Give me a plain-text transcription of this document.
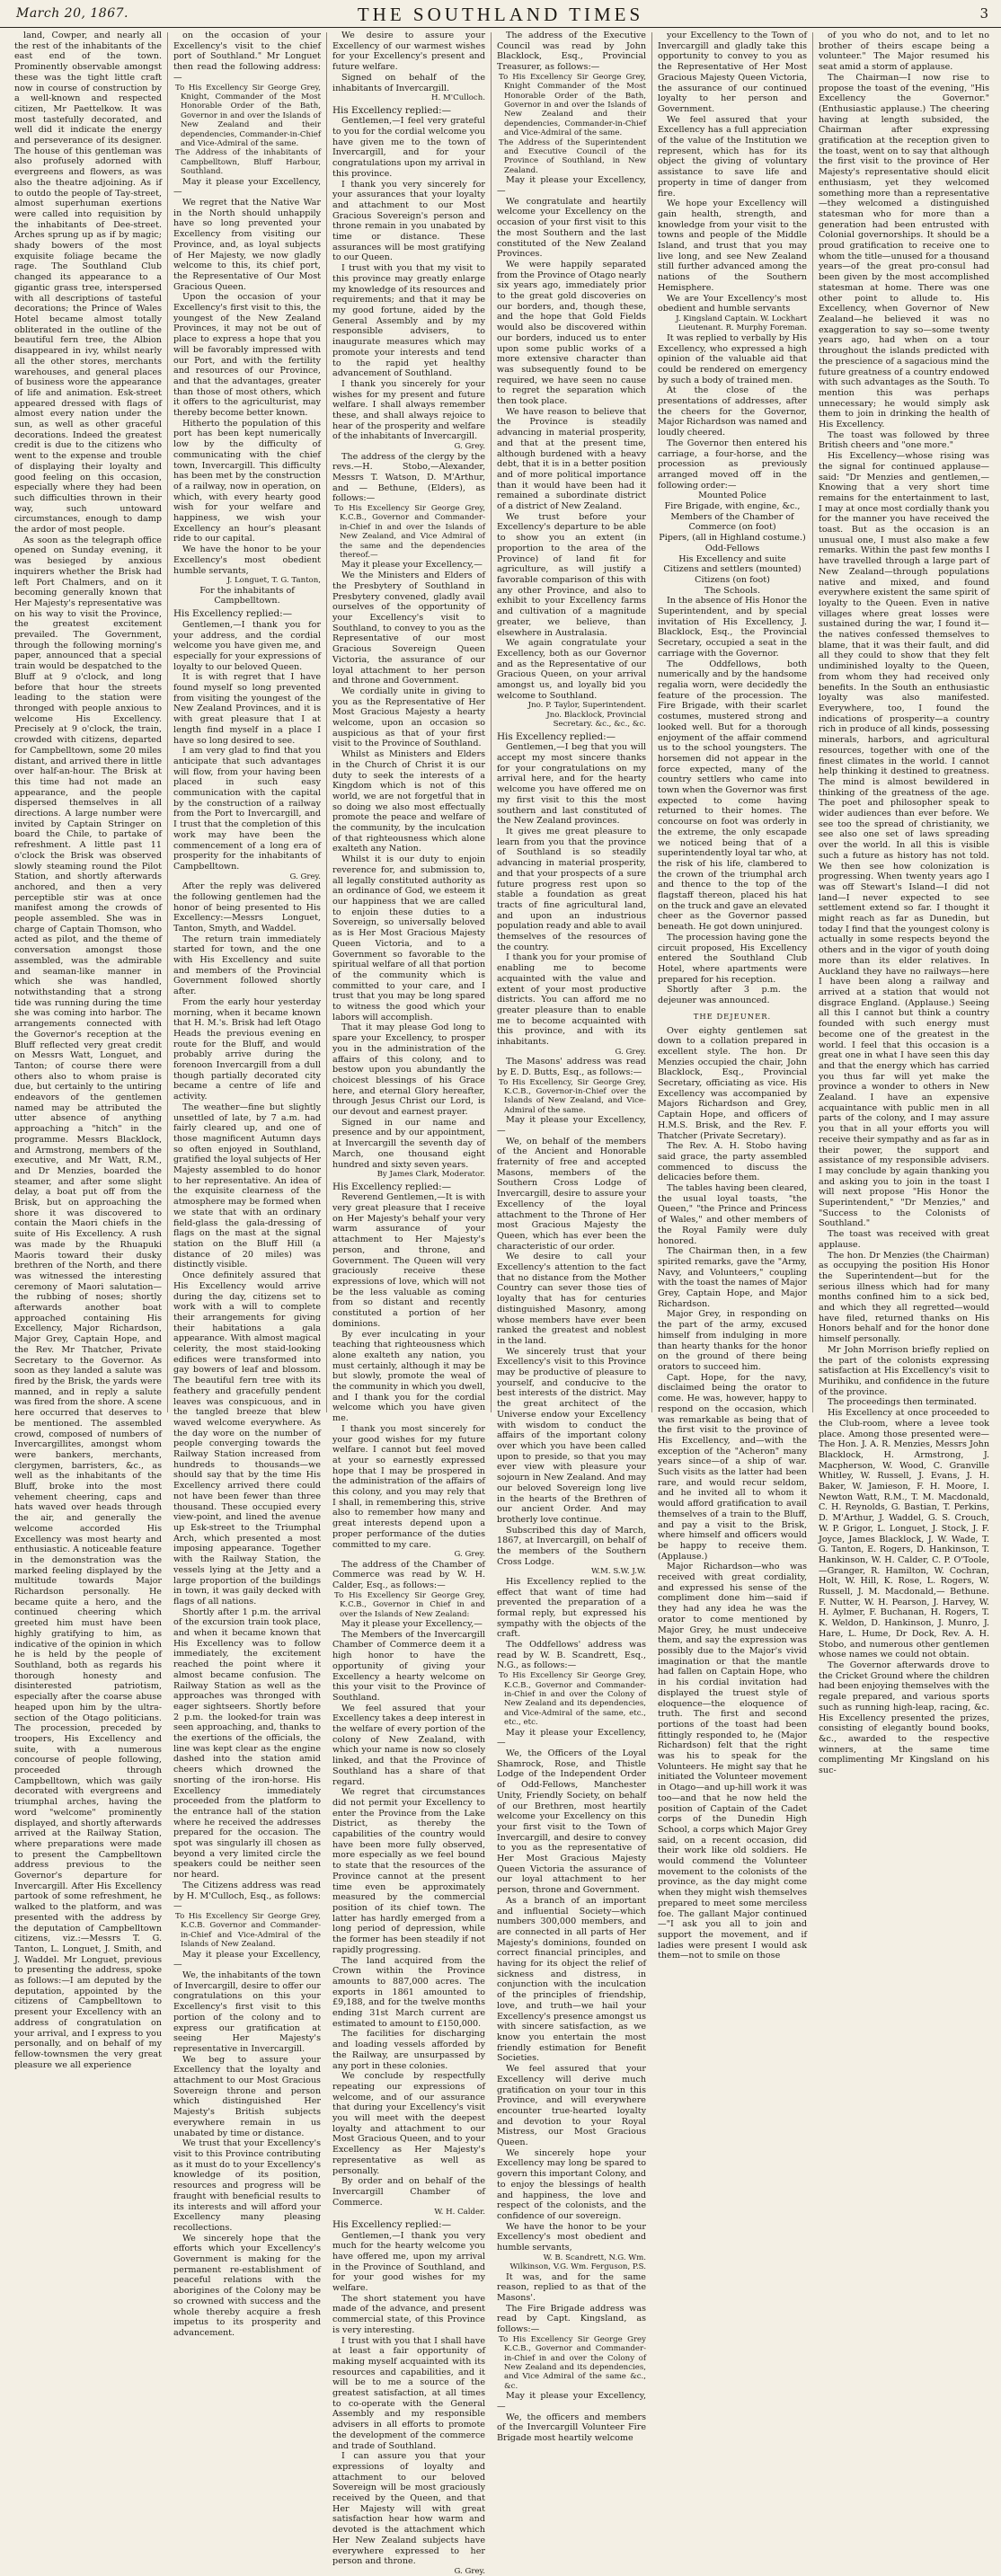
March 20, 1867.	THE SOUTHLAND TIMES	3

land, Cowper, and nearly all the rest of the inhabitants of the east end of the town. Prominently observable amongst these was the tight little craft now in course of construction by a well-known and respected citizen, Mr Paettelkow. It was most tastefully decorated, and well did it indicate the energy and perseverance of its designer. The house of this gentleman was also profusely adorned with evergreens and flowers, as was also the theatre adjoining. As if to outdo the people of Tay-street, almost superhuman exertions were called into requisition by the inhabitants of Dee-street. Arches sprung up as if by magic; shady bowers of the most exquisite foliage became the rage. The Southland Club changed its appearance to a gigantic grass tree, interspersed with all descriptions of tasteful decorations; the Prince of Wales Hotel became almost totally obliterated in the outline of the beautiful fern tree, the Albion disappeared in ivy, whilst nearly all the other stores, merchants warehouses, and general places of business wore the appearance of life and animation. Esk-street appeared dressed with flags of almost every nation under the sun, as well as other graceful decorations. Indeed the greatest credit is due to the citizens who went to the expense and trouble of displaying their loyalty and good feeling on this occasion, especially where they had been such difficulties thrown in their way, such untoward circumstances, enough to damp the ardor of most people.

As soon as the telegraph office opened on Sunday evening, it was besieged by anxious inquirers whether the Brisk had left Port Chalmers, and on it becoming generally known that Her Majesty's representative was on his way to visit the Province, the greatest excitement prevailed. The Government, through the following morning's paper, announced that a special train would be despatched to the Bluff at 9 o'clock, and long before that hour the streets leading to the station were thronged with people anxious to welcome His Excellency. Precisely at 9 o'clock, the train, crowded with citizens, departed for Campbelltown, some 20 miles distant, and arrived there in little over half-an-hour. The Brisk at this time had not made an appearance, and the people dispersed themselves in all directions. A large number were invited by Captain Stringer on board the Chile, to partake of refreshment. A little past 11 o'clock the Brisk was observed slowly steaming round the Pilot Station, and shortly afterwards anchored, and then a very perceptible stir was at once manifest among the crowds of people assembled. She was in charge of Captain Thomson, who acted as pilot, and the theme of conversation amongst those assembled, was the admirable and seaman-like manner in which she was handled, notwithstanding that a strong tide was running during the time she was coming into harbor. The arrangements connected with the Governor's reception at the Bluff reflected very great credit on Messrs Watt, Longuet, and Tanton; of course there were others also to whom praise is due, but certainly to the untiring endeavors of the gentlemen named may be attributed the utter absence of anything approaching a "hitch" in the programme. Messrs Blacklock, and Armstrong, members of the executive, and Mr Watt, R.M., and Dr Menzies, boarded the steamer, and after some slight delay, a boat put off from the Brisk, but on approaching the shore it was discovered to contain the Maori chiefs in the suite of His Excellency. A rush was made by the Rhuapuki Maoris toward their dusky brethren of the North, and there was witnessed the interesting ceremony of Maori salutation—the rubbing of noses; shortly afterwards another boat approached containing His Excellency, Major Richardson, Major Grey, Captain Hope, and the Rev. Mr Thatcher, Private Secretary to the Governor. As soon as they landed a salute was fired by the Brisk, the yards were manned, and in reply a salute was fired from the shore. A scene here occurred that deserves to be mentioned. The assembled crowd, composed of numbers of Invercargillites, amongst whom were bankers, merchants, clergymen, barristers, &c., as well as the inhabitants of the Bluff, broke into the most vehement cheering, caps and hats waved over heads through the air, and generally the welcome accorded His Excellency was most hearty and enthusiastic. A noticeable feature in the demonstration was the marked feeling displayed by the multitude towards Major Richardson personally. He became quite a hero, and the continued cheering which greeted him must have been highly gratifying to him, as indicative of the opinion in which he is held by the people of Southland, both as regards his thorough honesty and disinterested patriotism, especially after the coarse abuse heaped upon him by the ultra-section of the Otago politicians. The procession, preceded by troopers, His Excellency and suite, with a numerous concourse of people following, proceeded through Campbelltown, which was gaily decorated with evergreens and triumphal arches, having the word "welcome" prominently displayed, and shortly afterwards arrived at the Railway Station, where preparations were made to present the Campbelltown address previous to the Governor's departure for Invercargill. After His Excellency partook of some refreshment, he walked to the platform, and was presented with the address by the deputation of Campbelltown citizens, viz.:—Messrs T. G. Tanton, L. Longuet, J. Smith, and J. Waddel. Mr Longuet, previous to presenting the address, spoke as follows:—I am deputed by the deputation, appointed by the citizens of Campbelltown to present your Excellency with an address of congratulation on your arrival, and I express to you personally, and on behalf of my fellow-townsmen the very great pleasure we all experience

on the occasion of your Excellency's visit to the chief port of Southland." Mr Longuet then read the following address:—

To His Excellency Sir George Grey, Knight, Commander of the Most Honorable Order of the Bath, Governor in and over the Islands of New Zealand and their dependencies, Commander-in-Chief and Vice-Admiral of the same.

The Address of the inhabitants of Campbelltown, Bluff Harbour, Southland.

May it please your Excellency,—

We regret that the Native War in the North should unhappily have so long prevented your Excellency from visiting our Province, and, as loyal subjects of Her Majesty, we now gladly welcome to this, its chief port, the Representative of Our Most Gracious Queen.

Upon the occasion of your Excellency's first visit to this, the youngest of the New Zealand Provinces, it may not be out of place to express a hope that you will be favorably impressed with our Port, and with the fertility and resources of our Province, and that the advantages, greater than those of most others, which it offers to the agriculturist, may thereby become better known.

Hitherto the population of this port has been kept numerically low by the difficulty of communicating with the chief town, Invercargill. This difficulty has been met by the construction of a railway, now in operation, on which, with every hearty good wish for your welfare and happiness, we wish your Excellency an hour's pleasant ride to our capital.

We have the honor to be your Excellency's most obedient humble servants,

J. Longuet, T. G. Tanton,

For the inhabitants of Campbelltown.

His Excellency replied:—

Gentlemen,—I thank you for your address, and the cordial welcome you have given me, and especially for your expressions of loyalty to our beloved Queen.

It is with regret that I have found myself so long prevented from visiting the youngest of the New Zealand Provinces, and it is with great pleasure that I at length find myself in a place I have so long desired to see.

I am very glad to find that you anticipate that such advantages will flow, from your having been placed in such easy communication with the capital by the construction of a railway from the Port to Invercargill, and I trust that the completion of this work may have been the commencement of a long era of prosperity for the inhabitants of Campbelltown.

G. Grey.

After the reply was delivered the following gentlemen had the honor of being presented to His Excellency:—Messrs Longuet, Tanton, Smyth, and Waddel.

The return train immediately started for town, and the one with His Excellency and suite and members of the Provincial Government followed shortly after.

From the early hour yesterday morning, when it became known that H. M.'s. Brisk had left Otago Heads the previous evening en route for the Bluff, and would probably arrive during the forenoon Invercargill from a dull though partially decorated city became a centre of life and activity.

The weather—fine but slightly unsettled of late, by 7 a.m. had fairly cleared up, and one of those magnificent Autumn days so often enjoyed in Southland, gratified the loyal subjects of Her Majesty assembled to do honor to her representative. An idea of the exquisite clearness of the atmosphere may be formed when we state that with an ordinary field-glass the gala-dressing of flags on the mast at the signal station on the Bluff Hill (a distance of 20 miles) was distinctly visible.

Once definitely assured that His Excellency would arrive during the day, citizens set to work with a will to complete their arrangements for giving their habitations a gala appearance. With almost magical celerity, the most staid-looking edifices were transformed into gay bowers of leaf and blossom. The beautiful fern tree with its feathery and gracefully pendent leaves was conspicuous, and in the tangled breeze that blew waved welcome everywhere. As the day wore on the number of people converging towards the Railway Station increased from hundreds to thousands—we should say that by the time His Excellency arrived there could not have been fewer than three thousand. These occupied every view-point, and lined the avenue up Esk-street to the Triumphal Arch, which presented a most imposing appearance. Together with the Railway Station, the vessels lying at the Jetty and a large proportion of the buildings in town, it was gaily decked with flags of all nations.

Shortly after 1 p.m. the arrival of the excursion train took place, and when it became known that His Excellency was to follow immediately, the excitement reached the point where it almost became confusion. The Railway Station as well as the approaches was thronged with eager sightseers. Shortly before 2 p.m. the looked-for train was seen approaching, and, thanks to the exertions of the officials, the line was kept clear as the engine dashed into the station amid cheers which drowned the snorting of the iron-horse. His Excellency immediately proceeded from the platform to the entrance hall of the station where he received the addresses prepared for the occasion. The spot was singularly ill chosen as beyond a very limited circle the speakers could be neither seen nor heard.

The Citizens address was read by H. M'Culloch, Esq., as follows:—

To His Excellency Sir George Grey, K.C.B. Governor and Commander-in-Chief and Vice-Admiral of the Islands of New Zealand.

May it please your Excellency,—

We, the inhabitants of the town of Invercargill, desire to offer our congratulations on this your Excellency's first visit to this portion of the colony and to express our gratification at seeing Her Majesty's representative in Invercargill.

We beg to assure your Excellency that the loyalty and attachment to our Most Gracious Sovereign throne and person which distinguished Her Majesty's British subjects everywhere remain in us unabated by time or distance.

We trust that your Excellency's visit to this Province contributing as it must do to your Excellency's knowledge of its position, resources and progress will be fraught with beneficial results to its interests and will afford your Excellency many pleasing recollections.

We sincerely hope that the efforts which your Excellency's Government is making for the permanent re-establishment of peaceful relations with the aborigines of the Colony may be so crowned with success and the whole thereby acquire a fresh impetus to its prosperity and advancement.

We desire to assure your Excellency of our warmest wishes for your Excellency's present and future welfare.

Signed on behalf of the inhabitants of Invercargill.

H. M'Culloch.

His Excellency replied:—

Gentlemen,—I feel very grateful to you for the cordial welcome you have given me to the town of Invercargill, and for your congratulations upon my arrival in this province.

I thank you very sincerely for your assurances that your loyalty and attachment to our Most Gracious Sovereign's person and throne remain in you unabated by time or distance. These assurances will be most gratifying to our Queen.

I trust with you that my visit to this province may greatly enlarge my knowledge of its resources and requirements; and that it may be my good fortune, aided by the General Assembly and by my responsible advisers, to inaugurate measures which may promote your interests and tend to the rapid yet healthy advancement of Southland.

I thank you sincerely for your wishes for my present and future welfare. I shall always remember these, and shall always rejoice to hear of the prosperity and welfare of the inhabitants of Invercargill.

G. Grey.

The address of the clergy by the revs.—H. Stobo,—Alexander, Messrs T. Watson, D. M'Arthur, and — Bethune, (Elders), as follows:—

To His Excellency Sir George Grey, K.C.B., Governor and Commander-in-Chief in and over the Islands of New Zealand, and Vice Admiral of the same and the dependencies thereof.—

May it please your Excellency,—

We the Ministers and Elders of the Presbytery of Southland in Presbytery convened, gladly avail ourselves of the opportunity of your Excellency's visit to Southland, to convey to you as the Representative of our most Gracious Sovereign Queen Victoria, the assurance of our loyal attachment to her person and throne and Government.

We cordially unite in giving to you as the Representative of Her Most Gracious Majesty a hearty welcome, upon an occasion so auspicious as that of your first visit to the Province of Southland.

Whilst as Ministers and Elders in the Church of Christ it is our duty to seek the interests of a Kingdom which is not of this world, we are not forgetful that in so doing we also most effectually promote the peace and welfare of the community, by the inculcation of that righteousness which alone exalteth any Nation.

Whilst it is our duty to enjoin reverence for, and submission to, all legally constituted authority as an ordinance of God, we esteem it our happiness that we are called to enjoin these duties to a Sovereign, so universally beloved as is Her Most Gracious Majesty Queen Victoria, and to a Government so favorable to the spiritual welfare of all that portion of the community which is committed to your care, and I trust that you may be long spared to witness the good which your labors will accomplish.

That it may please God long to spare your Excellency, to prosper you in the administration of the affairs of this colony, and to bestow upon you abundantly the choicest blessings of his Grace here, and eternal Glory hereafter, through Jesus Christ our Lord, is our devout and earnest prayer.

Signed in our name and presence and by our appointment, at Invercargill the seventh day of March, one thousand eight hundred and sixty seven years.

By James Clark, Moderator.

His Excellency replied:—

Reverend Gentlemen,—It is with very great pleasure that I receive on Her Majesty's behalf your very warm assurance of your attachment to Her Majesty's person, and throne, and Government. The Queen will very graciously receive these expressions of love, which will not be the less valuable as coming from so distant and recently constituted a portion of her dominions.

By ever inculcating in your teaching that righteousness which alone exalteth any nation, you must certainly, although it may be but slowly, promote the weal of the community in which you dwell, and I thank you for the cordial welcome which you have given me.

I thank you most sincerely for your good wishes for my future welfare. I cannot but feel moved at your so earnestly expressed hope that I may be prospered in the administration of the affairs of this colony, and you may rely that I shall, in remembering this, strive also to remember how many and great interests depend upon a proper performance of the duties committed to my care.

G. Grey.

The address of the Chamber of Commerce was read by W. H. Calder, Esq., as follows:—

To His Excellency Sir George Grey, K.C.B., Governor in Chief in and over the Islands of New Zealand:

May it please your Excellency,—

The Members of the Invercargill Chamber of Commerce deem it a high honor to have the opportunity of giving your Excellency a hearty welcome on this your visit to the Province of Southland.

We feel assured that your Excellency takes a deep interest in the welfare of every portion of the colony of New Zealand, with which your name is now so closely linked, and that the Province of Southland has a share of that regard.

We regret that circumstances did not permit your Excellency to enter the Province from the Lake District, as thereby the capabilities of the country would have been more fully observed, more especially as we feel bound to state that the resources of the Province cannot at the present time even be approximately measured by the commercial position of its chief town. The latter has hardly emerged from a long period of depression, while the former has been steadily if not rapidly progressing.

The land acquired from the Crown within the Province amounts to 887,000 acres. The exports in 1861 amounted to £9,188, and for the twelve months ending 31st March current are estimated to amount to £150,000.

The facilities for discharging and loading vessels afforded by the Railway, are unsurpassed by any port in these colonies.

We conclude by respectfully repeating our expressions of welcome, and of our assurance that during your Excellency's visit you will meet with the deepest loyalty and attachment to our Most Gracious Queen, and to your Excellency as Her Majesty's representative as well as personally.

By order and on behalf of the Invercargill Chamber of Commerce.

W. H. Calder.

His Excellency replied:—

Gentlemen,—I thank you very much for the hearty welcome you have offered me, upon my arrival in the Province of Southland, and for your good wishes for my welfare.

The short statement you have made of the advance, and present commercial state, of this Province is very interesting.

I trust with you that I shall have at least a fair opportunity of making myself acquainted with its resources and capabilities, and it will be to me a source of the greatest satisfaction, at all times to co-operate with the General Assembly and my responsible advisers in all efforts to promote the development of the commerce and trade of Southland.

I can assure you that your expressions of loyalty and attachment to our beloved Sovereign will be most graciously received by the Queen, and that Her Majesty will with great satisfaction hear how warm and devoted is the attachment which Her New Zealand subjects have everywhere expressed to her person and throne.

G. Grey.

The address of the Executive Council was read by John Blacklock, Esq., Provincial Treasurer, as follows:—

To His Excellency Sir George Grey, Knight Commander of the Most Honorable Order of the Bath, Governor in and over the Islands of New Zealand and their dependencies, Commander-in-Chief and Vice-Admiral of the same.

The Address of the Superintendent and Executive Council of the Province of Southland, in New Zealand.

May it please your Excellency,—

We congratulate and heartily welcome your Excellency on the occasion of your first visit to this the most Southern and the last constituted of the New Zealand Provinces.

We were happily separated from the Province of Otago nearly six years ago, immediately prior to the great gold discoveries on our borders, and, though these, and the hope that Gold Fields would also be discovered within our borders, induced us to enter upon some public works of a more extensive character than was subsequently found to be required, we have seen no cause to regret the separation which then took place.

We have reason to believe that the Province is steadily advancing in material prosperity, and that at the present time, although burdened with a heavy debt, that it is in a better position and of more political importance than it would have been had it remained a subordinate district of a district of New Zealand.

We trust before your Excellency's departure to be able to show you an extent (in proportion to the area of the Province) of land fit for agriculture, as will justify a favorable comparison of this with any other Province, and also to exhibit to your Excellency farms and cultivation of a magnitude greater, we believe, than elsewhere in Australasia.

We again congratulate your Excellency, both as our Governor and as the Representative of our Gracious Queen, on your arrival amongst us, and loyally bid you welcome to Southland.

Jno. P. Taylor, Superintendent.

Jno. Blacklock, Provincial Secretary. &c., &c., &c.

His Excellency replied:—

Gentlemen,—I beg that you will accept my most sincere thanks for your congratulations on my arrival here, and for the hearty welcome you have offered me on my first visit to this the most southern and last constituted of the New Zealand provinces.

It gives me great pleasure to learn from you that the province of Southland is so steadily advancing in material prosperity, and that your prospects of a sure future progress rest upon so stable a foundation as great tracts of fine agricultural land, and upon an industrious population ready and able to avail themselves of the resources of the country.

I thank you for your promise of enabling me to become acquainted with the value and extent of your most productive districts. You can afford me no greater pleasure than to enable me to become acquainted with this province, and with its inhabitants.

G. Grey.

The Masons' address was read by E. D. Butts, Esq., as follows:—

To His Excellency, Sir George Grey, K.C.B., Governor-in-Chief over the Islands of New Zealand, and Vice-Admiral of the same.

May it please your Excellency,—

We, on behalf of the members of the Ancient and Honorable fraternity of free and accepted Masons, members of the Southern Cross Lodge of Invercargill, desire to assure your Excellency of the loyal attachment to the Throne of Her most Gracious Majesty the Queen, which has ever been the characteristic of our order.

We desire to call your Excellency's attention to the fact that no distance from the Mother Country can sever those ties of loyalty that has for centuries distinguished Masonry, among whose members have ever been ranked the greatest and noblest in the land.

We sincerely trust that your Excellency's visit to this Province may be productive of pleasure to yourself, and conducive to the best interests of the district. May the great architect of the Universe endow your Excellency with wisdom to conduct the affairs of the important colony over which you have been called upon to preside, so that you may ever view with pleasure your sojourn in New Zealand. And may our beloved Sovereign long live in the hearts of the Brethren of our ancient Order. And may brotherly love continue.

Subscribed this day of March, 1867, at Invercargill, on behalf of the members of the Southern Cross Lodge.

W.M. S.W. J.W.

His Excellency replied to the effect that want of time had prevented the preparation of a formal reply, but expressed his sympathy with the objects of the craft.

The Oddfellows' address was read by W. B. Scandrett, Esq., N.G., as follows:—

To His Excellency Sir George Grey, K.C.B., Governor and Commander-in-Chief in and over the Colony of New Zealand and its dependencies, and Vice-Admiral of the same, etc., etc., etc.

May it please your Excellency,—

We, the Officers of the Loyal Shamrock, Rose, and Thistle Lodge of the Independent Order of Odd-Fellows, Manchester Unity, Friendly Society, on behalf of our Brethren, most heartily welcome your Excellency on this your first visit to the Town of Invercargill, and desire to convey to you as the representative of Her Most Gracious Majesty Queen Victoria the assurance of our loyal attachment to her person, throne and Government.

As a branch of an important and influential Society—which numbers 300,000 members, and are connected in all parts of Her Majesty's dominions, founded on correct financial principles, and having for its object the relief of sickness and distress, in conjunction with the inculcation of the principles of friendship, love, and truth—we hail your Excellency's presence amongst us with sincere satisfaction, as we know you entertain the most friendly estimation for Benefit Societies.

We feel assured that your Excellency will derive much gratification on your tour in this Province, and will everywhere encounter true-hearted loyalty and devotion to your Royal Mistress, our Most Gracious Queen.

We sincerely hope your Excellency may long be spared to govern this important Colony, and to enjoy the blessings of health and happiness, the love and respect of the colonists, and the confidence of our sovereign.

We have the honor to be your Excellency's most obedient and humble servants,

W. B. Scandrett, N.G. Wm. Wilkinson, V.G. Wm. Ferguson, P.S.

It was, and for the same reason, replied to as that of the Masons'.

The Fire Brigade address was read by Capt. Kingsland, as follows:—

To His Excellency Sir George Grey K.C.B., Governor and Commander-in-Chief in and over the Colony of New Zealand and its dependencies, and Vice Admiral of the same &c., &c.

May it please your Excellency,—

We, the officers and members of the Invercargill Volunteer Fire Brigade most heartily welcome

your Excellency to the Town of Invercargill and gladly take this opportunity to convey to you as the Representative of Her Most Gracious Majesty Queen Victoria, the assurance of our continued loyalty to her person and Government.

We feel assured that your Excellency has a full appreciation of the value of the Institution we represent, which has for its object the giving of voluntary assistance to save life and property in time of danger from fire.

We hope your Excellency will gain health, strength, and knowledge from your visit to the towns and people of the Middle Island, and trust that you may live long, and see New Zealand still further advanced among the nations of the Southern Hemisphere.

We are Your Excellency's most obedient and humble servants

J. Kingsland Captain. W. Lockhart Lieutenant. R. Murphy Foreman.

It was replied to verbally by His Excellency, who expressed a high opinion of the valuable aid that could be rendered on emergency by such a body of trained men.

At the close of the presentations of addresses, after the cheers for the Governor, Major Richardson was named and loudly cheered.

The Governor then entered his carriage, a four-horse, and the procession as previously arranged moved off in the following order:—

Mounted Police

Fire Brigade, with engine, &c.,

Members of the Chamber of Commerce (on foot)

Pipers, (all in Highland costume.)

Odd-Fellows

His Excellency and suite

Citizens and settlers (mounted)

Citizens (on foot)

The Schools.

In the absence of His Honor the Superintendent, and by special invitation of His Excellency, J. Blacklock, Esq., the Provincial Secretary, occupied a seat in the carriage with the Governor.

The Oddfellows, both numerically and by the handsome regalia worn, were decidedly the feature of the procession. The Fire Brigade, with their scarlet costumes, mustered strong and looked well. But for a thorough enjoyment of the affair commend us to the school youngsters. The horsemen did not appear in the force expected, many of the country settlers who came into town when the Governor was first expected to come having returned to their homes. The concourse on foot was orderly in the extreme, the only escapade we noticed being that of a superintendently loyal tar who, at the risk of his life, clambered to the crown of the triumphal arch and thence to the top of the flagstaff thereon, placed his hat on the truck and gave an elevated cheer as the Governor passed beneath. He got down uninjured.

The procession having gone the circuit proposed, His Excellency entered the Southland Club Hotel, where apartments were prepared for his reception.

Shortly after 3 p.m. the dejeuner was announced.

THE DEJEUNER.

Over eighty gentlemen sat down to a collation prepared in excellent style. The hon. Dr Menzies occupied the chair, John Blacklock, Esq., Provincial Secretary, officiating as vice. His Excellency was accompanied by Majors Richardson and Grey, Captain Hope, and officers of H.M.S. Brisk, and the Rev. F. Thatcher (Private Secretary).

The Rev. A. H. Stobo having said grace, the party assembled commenced to discuss the delicacies before them.

The tables having been cleared, the usual loyal toasts, "the Queen," "the Prince and Princess of Wales," and other members of the Royal Family were duly honored.

The Chairman then, in a few spirited remarks, gave the "Army, Navy, and Volunteers," coupling with the toast the names of Major Grey, Captain Hope, and Major Richardson.

Major Grey, in responding on the part of the army, excused himself from indulging in more than hearty thanks for the honor on the ground of there being orators to succeed him.

Capt. Hope, for the navy, disclaimed being the orator to come. He was, however, happy to respond on the occasion, which was remarkable as being that of the first visit to the province of His Excellency, and—with the exception of the "Acheron" many years since—of a ship of war. Such visits as the latter had been rare, and would recur seldom, and he invited all to whom it would afford gratification to avail themselves of a train to the Bluff, and pay a visit to the Brisk, where himself and officers would be happy to receive them. (Applause.)

Major Richardson—who was received with great cordiality, and expressed his sense of the compliment done him—said if they had any idea he was the orator to come mentioned by Major Grey, he must undeceive them, and say the expression was possibly due to the Major's vivid imagination or that the mantle had fallen on Captain Hope, who in his cordial invitation had displayed the truest style of eloquence—the eloquence of truth. The first and second portions of the toast had been fittingly responded to, he (Major Richardson) felt that the right was his to speak for the Volunteers. He might say that he initiated the Volunteer movement in Otago—and up-hill work it was too—and that he now held the position of Captain of the Cadet corps of the Dunedin High School, a corps which Major Grey said, on a recent occasion, did their work like old soldiers. He would commend the Volunteer movement to the colonists of the province, as the day might come when they might wish themselves prepared to meet some merciless foe. The gallant Major continued—"I ask you all to join and support the movement, and if ladies were present I would ask them—not to smile on those

of you who do not, and to let no brother of theirs escape being a volunteer." The Major resumed his seat amid a storm of applause.

The Chairman—I now rise to propose the toast of the evening, "His Excellency the Governor." (Enthusiastic applause.) The cheering having at length subsided, the Chairman after expressing gratification at the reception given to the toast, went on to say that although the first visit to the province of Her Majesty's representative should elicit enthusiasm, yet they welcomed something more than a representative—they welcomed a distinguished statesman who for more than a generation had been entrusted with Colonial governorships. It should be a proud gratification to receive one to whom the title—unused for a thousand years—of the great pro-consul had been given by the most accomplished statesman at home. There was one other point to allude to. His Excellency, when Governor of New Zealand—he believed it was no exaggeration to say so—some twenty years ago, had when on a tour throughout the islands predicted with the prescience of a sagacious mind the future greatness of a country endowed with such advantages as the South. To mention this was perhaps unnecessary; he would simply ask them to join in drinking the health of His Excellency.

The toast was followed by three British cheers and "one more."

His Excellency—whose rising was the signal for continued applause—said: "Dr Menzies and gentlemen,—Knowing that a very short time remains for the entertainment to last, I may at once most cordially thank you for the manner you have received the toast. But as the occasion is an unusual one, I must also make a few remarks. Within the past few months I have travelled through a large part of New Zealand—through populations native and mixed, and found everywhere existent the same spirit of loyalty to the Queen. Even in native villages where great losses were sustained during the war, I found it—the natives confessed themselves to blame, that it was their fault, and did all they could to show that they felt undiminished loyalty to the Queen, from whom they had received only benefits. In the South an enthusiastic loyalty was also manifested. Everywhere, too, I found the indications of prosperity—a country rich in produce of all kinds, possessing minerals, harbors, and agricultural resources, together with one of the finest climates in the world. I cannot help thinking it destined to greatness. The mind is almost bewildered in thinking of the greatness of the age. The poet and philosopher speak to wider audiences than ever before. We see too the spread of christianity, we see also one set of laws spreading over the world. In all this is visible such a future as history has not told. We then see how colonization is progressing. When twenty years ago I was off Stewart's Island—I did not land—I never expected to see settlement extend so far. I thought it might reach as far as Dunedin, but today I find that the youngest colony is actually in some respects beyond the others and in the vigor of youth doing more than its elder relatives. In Auckland they have no railways—here I have been along a railway and arrived at a station that would not disgrace England. (Applause.) Seeing all this I cannot but think a country founded with such energy must become one of the greatest in the world. I feel that this occasion is a great one in what I have seen this day and that the energy which has carried you thus far will yet make the province a wonder to others in New Zealand. I have an expensive acquaintance with public men in all parts of the colony, and I may assure you that in all your efforts you will receive their sympathy and as far as in their power, the support and assistance of my responsible advisers. I may conclude by again thanking you and asking you to join in the toast I will next propose "His Honor the Superintendent," "Dr Menzies," and "Success to the Colonists of Southland."

The toast was received with great applause.

The hon. Dr Menzies (the Chairman) as occupying the position His Honor the Superintendent—but for the serious illness which had for many months confined him to a sick bed, and which they all regretted—would have filed, returned thanks on His Honors behalf and for the honor done himself personally.

Mr John Morrison briefly replied on the part of the colonists expressing satisfaction at His Excellency's visit to Murihiku, and confidence in the future of the province.

The proceedings then terminated.

His Excellency at once proceeded to the Club-room, where a levee took place. Among those presented were—The Hon. J. A. R. Menzies, Messrs John Blacklock, H. Armstrong, J. Macpherson, W. Wood, C. Granville Whitley, W. Russell, J. Evans, J. H. Baker, W. Jamieson, F. H. Moore, I. Newton Watt, R.M., T. M. Macdonald, C. H. Reynolds, G. Bastian, T. Perkins, D. M'Arthur, J. Waddel, G. S. Crouch, W. P. Grigor, L. Longuet, J. Stock, J. F. Joyce, James Blacklock, J. W. Wade, T. G. Tanton, E. Rogers, D. Hankinson, T. Hankinson, W. H. Calder, C. P. O'Toole,—Granger, R. Hamilton, W. Cochran, Holt, W. Hill, K. Rose, L. Rogers, W. Russell, J. M. Macdonald,— Bethune. F. Nutter, W. H. Pearson, J. Harvey, W. H. Aylmer, F. Buchanan, H. Rogers, T. K. Weldon, D. Hankinson, J. Munro, J. Hare, L. Hume, Dr Dock, Rev. A. H. Stobo, and numerous other gentlemen whose names we could not obtain.

The Governor afterwards drove to the Cricket Ground where the children had been enjoying themselves with the regale prepared, and various sports such as running high-leap, racing, &c. His Excellency presented the prizes, consisting of elegantly bound books, &c., awarded to the respective winners, at the same time complimenting Mr Kingsland on his suc-
